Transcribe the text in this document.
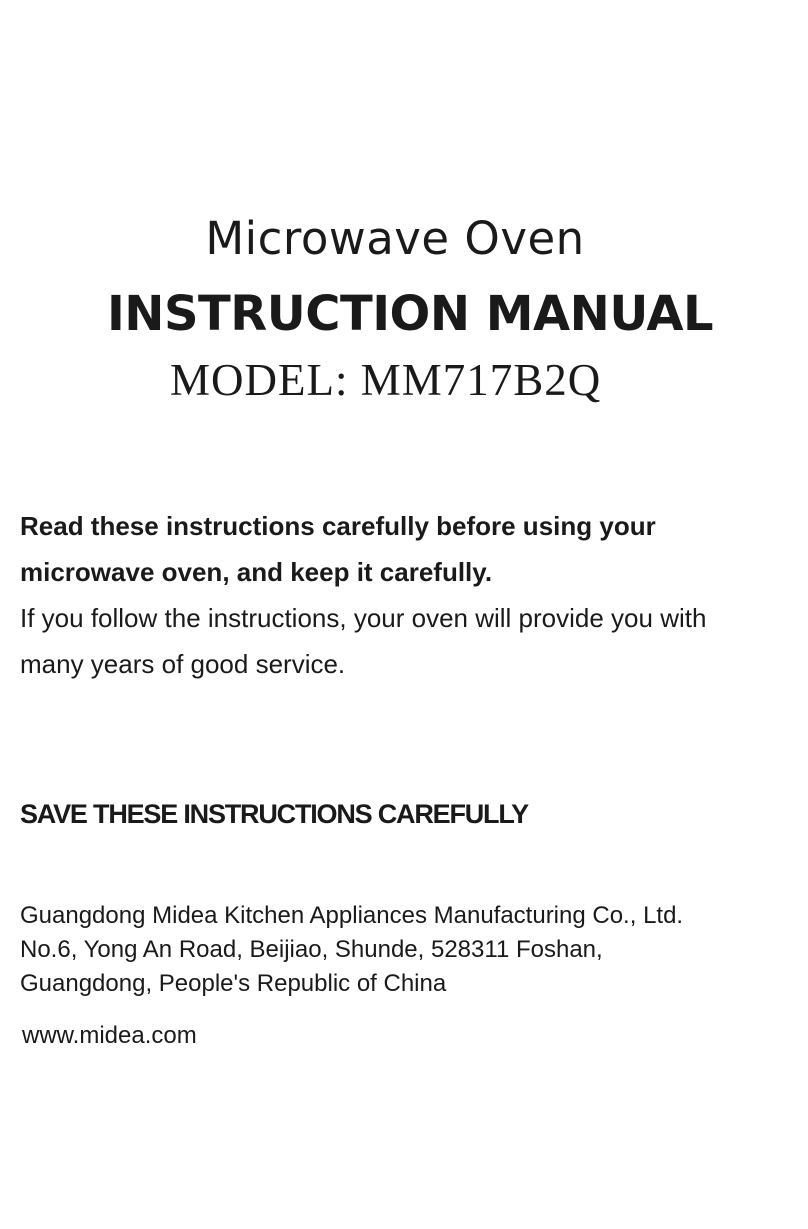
Microwave Oven
INSTRUCTION MANUAL
MODEL: MM717B2Q
Read these instructions carefully before using your
microwave oven, and keep it carefully.
If you follow the instructions, your oven will provide you with
many years of good service.
SAVE THESE INSTRUCTIONS CAREFULLY
Guangdong Midea Kitchen Appliances Manufacturing Co., Ltd.
No.6, Yong An Road, Beijiao, Shunde, 528311 Foshan,
Guangdong, People's Republic of China
www.midea.com
